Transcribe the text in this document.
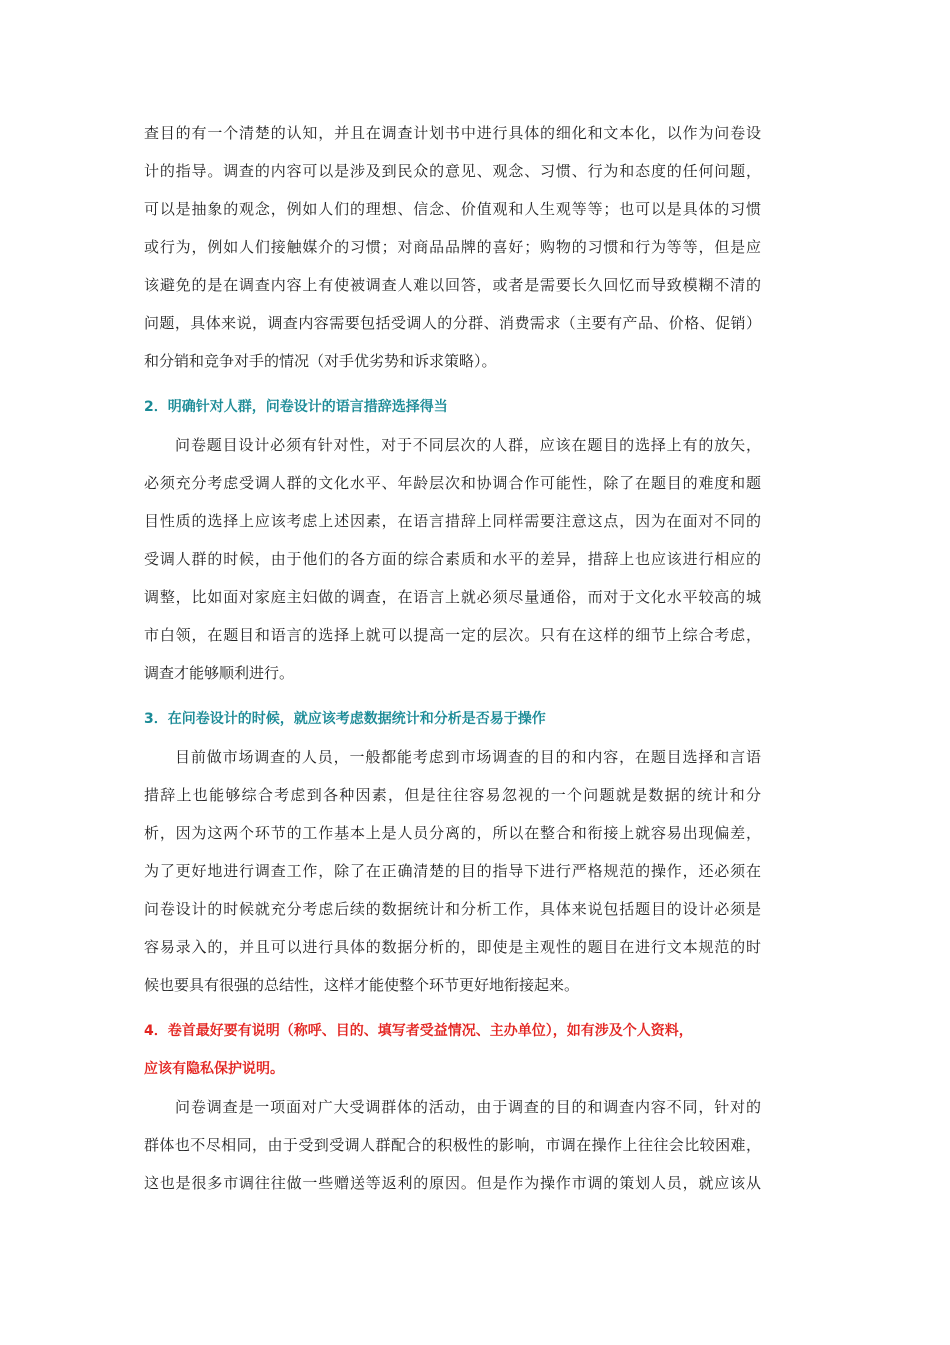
查目的有一个清楚的认知，并且在调查计划书中进行具体的细化和文本化，以作为问卷设
计的指导。调查的内容可以是涉及到民众的意见、观念、习惯、行为和态度的任何问题，
可以是抽象的观念，例如人们的理想、信念、价值观和人生观等等；也可以是具体的习惯
或行为，例如人们接触媒介的习惯；对商品品牌的喜好；购物的习惯和行为等等，但是应
该避免的是在调查内容上有使被调查人难以回答，或者是需要长久回忆而导致模糊不清的
问题，具体来说，调查内容需要包括受调人的分群、消费需求（主要有产品、价格、促销）
和分销和竞争对手的情况（对手优劣势和诉求策略）。
2．明确针对人群，问卷设计的语言措辞选择得当
问卷题目设计必须有针对性，对于不同层次的人群，应该在题目的选择上有的放矢，
必须充分考虑受调人群的文化水平、年龄层次和协调合作可能性，除了在题目的难度和题
目性质的选择上应该考虑上述因素，在语言措辞上同样需要注意这点，因为在面对不同的
受调人群的时候，由于他们的各方面的综合素质和水平的差异，措辞上也应该进行相应的
调整，比如面对家庭主妇做的调查，在语言上就必须尽量通俗，而对于文化水平较高的城
市白领，在题目和语言的选择上就可以提高一定的层次。只有在这样的细节上综合考虑，
调查才能够顺利进行。
3．在问卷设计的时候，就应该考虑数据统计和分析是否易于操作
目前做市场调查的人员，一般都能考虑到市场调查的目的和内容，在题目选择和言语
措辞上也能够综合考虑到各种因素，但是往往容易忽视的一个问题就是数据的统计和分
析，因为这两个环节的工作基本上是人员分离的，所以在整合和衔接上就容易出现偏差，
为了更好地进行调查工作，除了在正确清楚的目的指导下进行严格规范的操作，还必须在
问卷设计的时候就充分考虑后续的数据统计和分析工作，具体来说包括题目的设计必须是
容易录入的，并且可以进行具体的数据分析的，即使是主观性的题目在进行文本规范的时
候也要具有很强的总结性，这样才能使整个环节更好地衔接起来。
4．卷首最好要有说明（称呼、目的、填写者受益情况、主办单位），如有涉及个人资料，
应该有隐私保护说明。
问卷调查是一项面对广大受调群体的活动，由于调查的目的和调查内容不同，针对的
群体也不尽相同，由于受到受调人群配合的积极性的影响，市调在操作上往往会比较困难，
这也是很多市调往往做一些赠送等返利的原因。但是作为操作市调的策划人员，就应该从
